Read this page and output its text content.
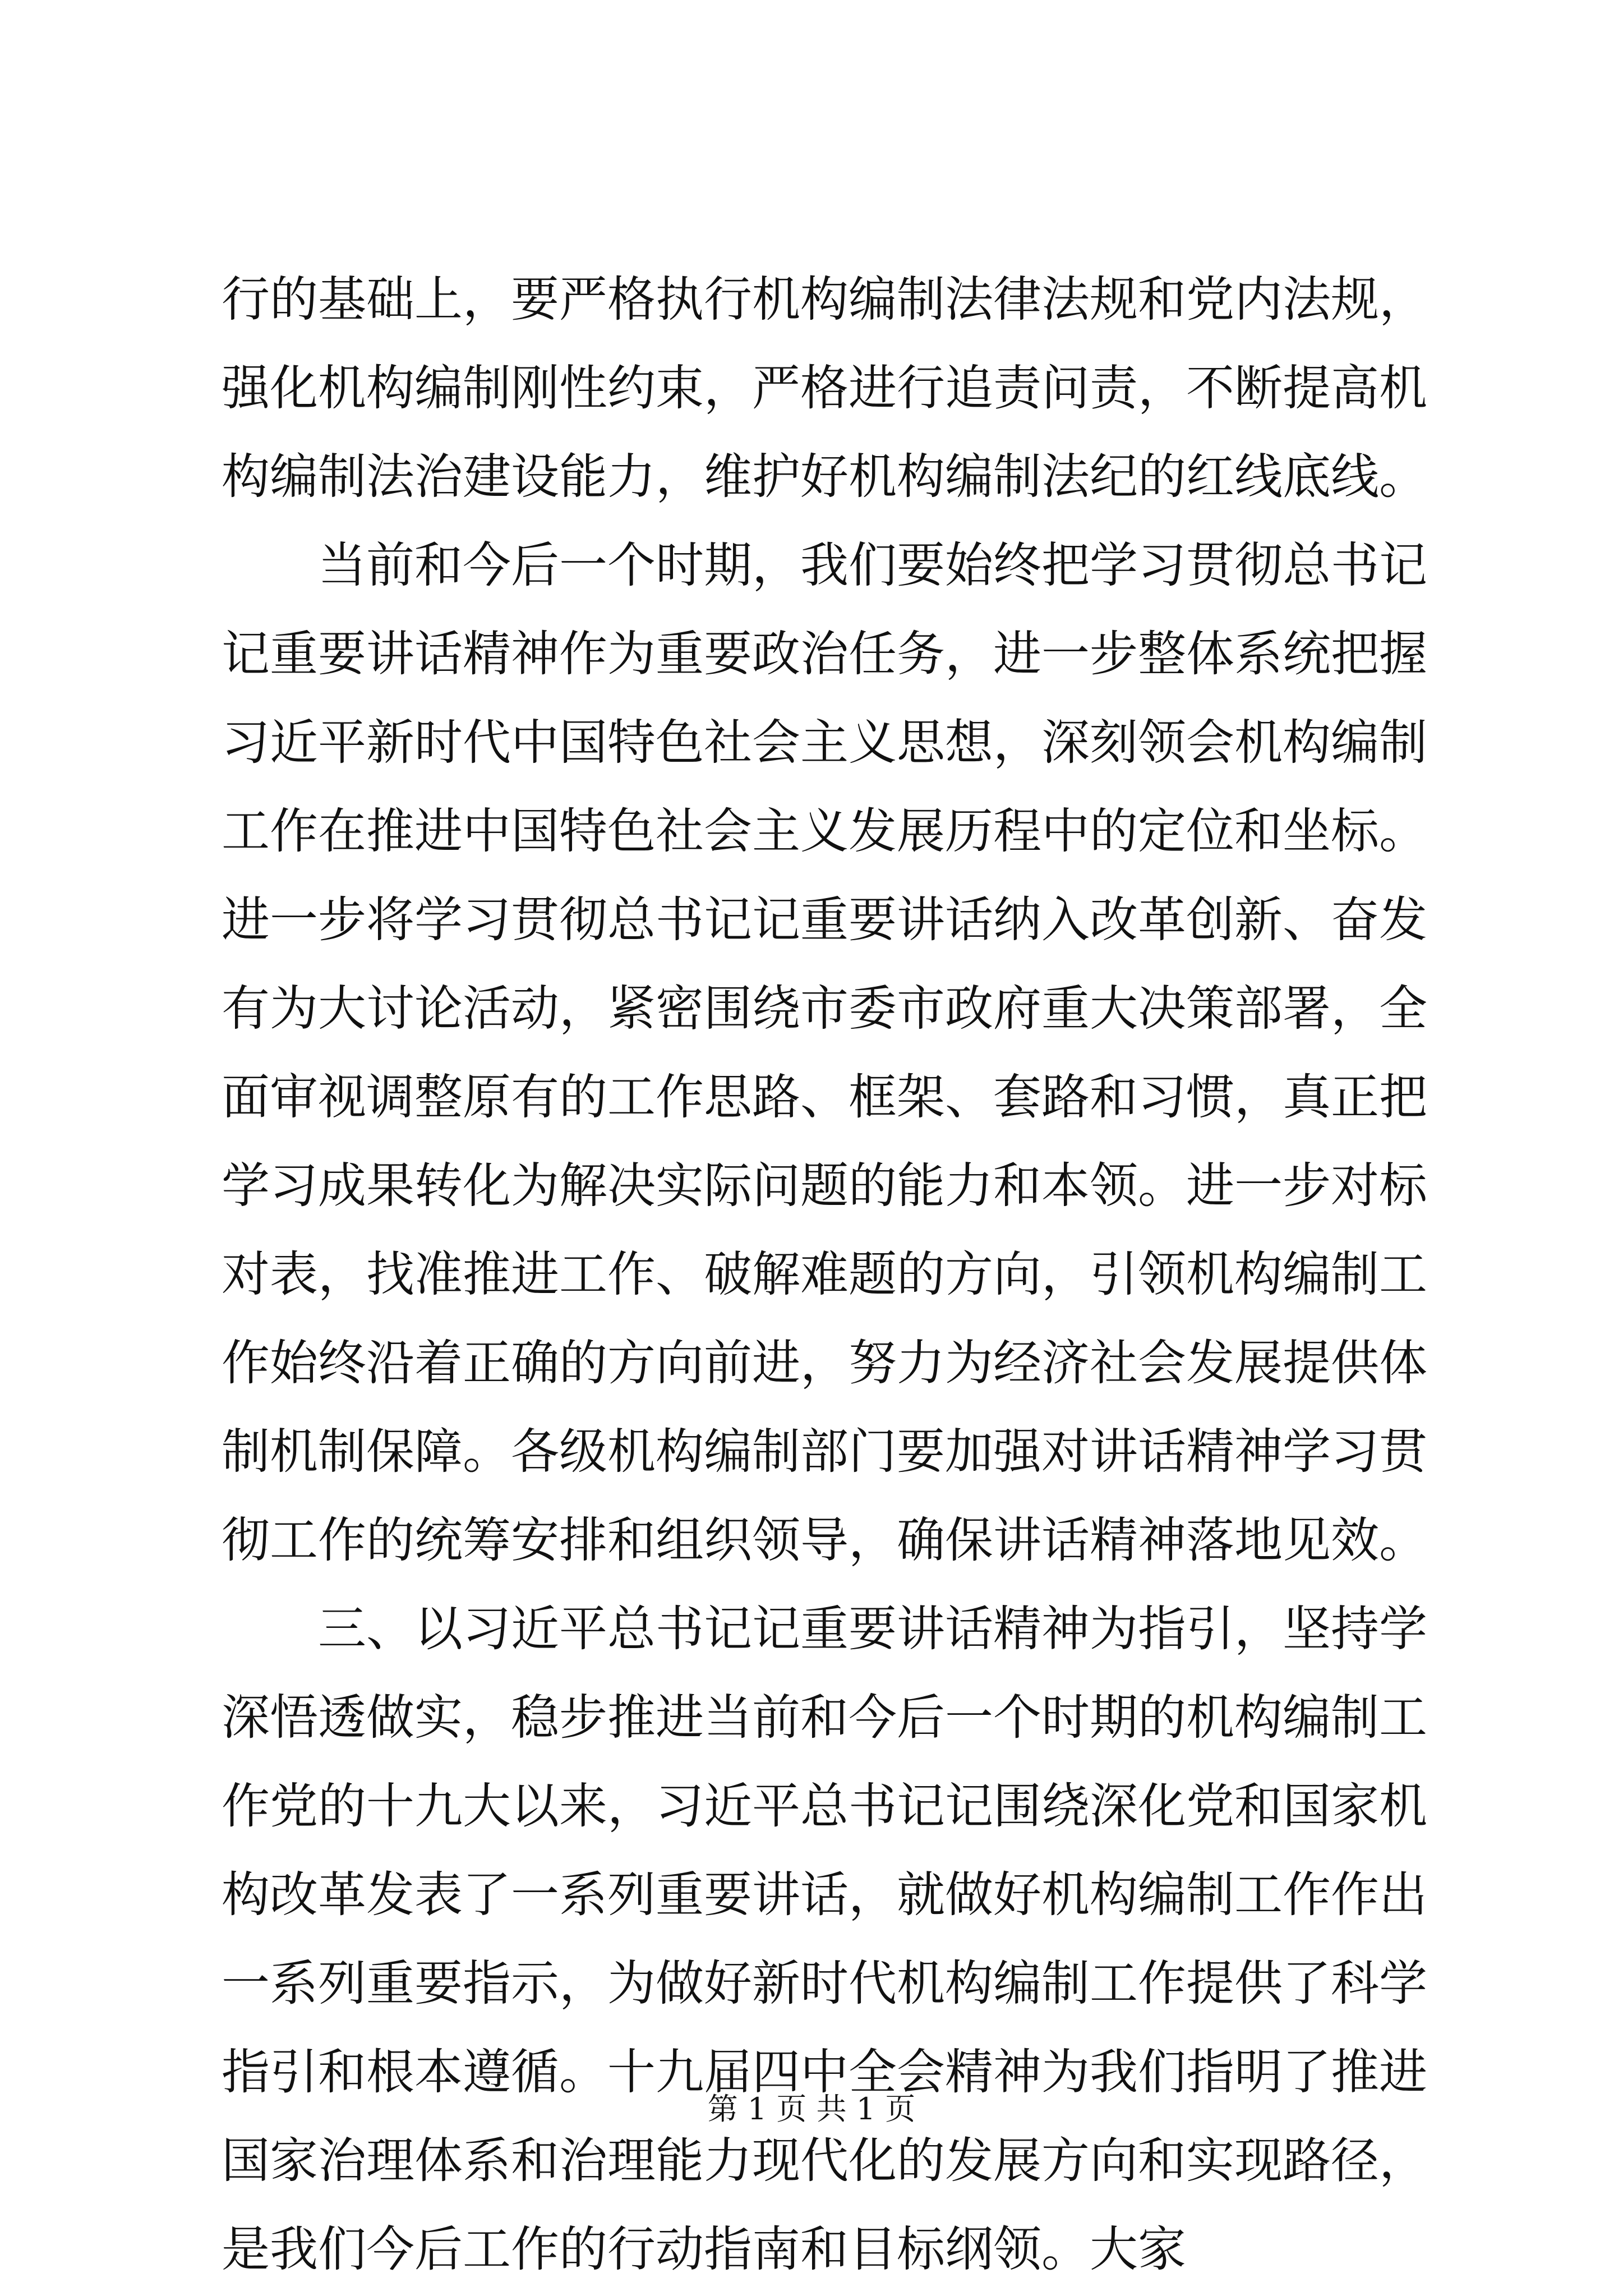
行的基础上，要严格执行机构编制法律法规和党内法规，强化机构编制刚性约束，严格进行追责问责，不断提高机构编制法治建设能力，维护好机构编制法纪的红线底线。

当前和今后一个时期，我们要始终把学习贯彻总书记记重要讲话精神作为重要政治任务，进一步整体系统把握习近平新时代中国特色社会主义思想，深刻领会机构编制工作在推进中国特色社会主义发展历程中的定位和坐标。进一步将学习贯彻总书记记重要讲话纳入改革创新、奋发有为大讨论活动，紧密围绕市委市政府重大决策部署，全面审视调整原有的工作思路、框架、套路和习惯，真正把学习成果转化为解决实际问题的能力和本领。进一步对标对表，找准推进工作、破解难题的方向，引领机构编制工作始终沿着正确的方向前进，努力为经济社会发展提供体制机制保障。各级机构编制部门要加强对讲话精神学习贯彻工作的统筹安排和组织领导，确保讲话精神落地见效。

三、以习近平总书记记重要讲话精神为指引，坚持学深悟透做实，稳步推进当前和今后一个时期的机构编制工作党的十九大以来，习近平总书记记围绕深化党和国家机构改革发表了一系列重要讲话，就做好机构编制工作作出一系列重要指示，为做好新时代机构编制工作提供了科学指引和根本遵循。十九届四中全会精神为我们指明了推进国家治理体系和治理能力现代化的发展方向和实现路径，是我们今后工作的行动指南和目标纲领。大家

第 1 页 共 1 页
